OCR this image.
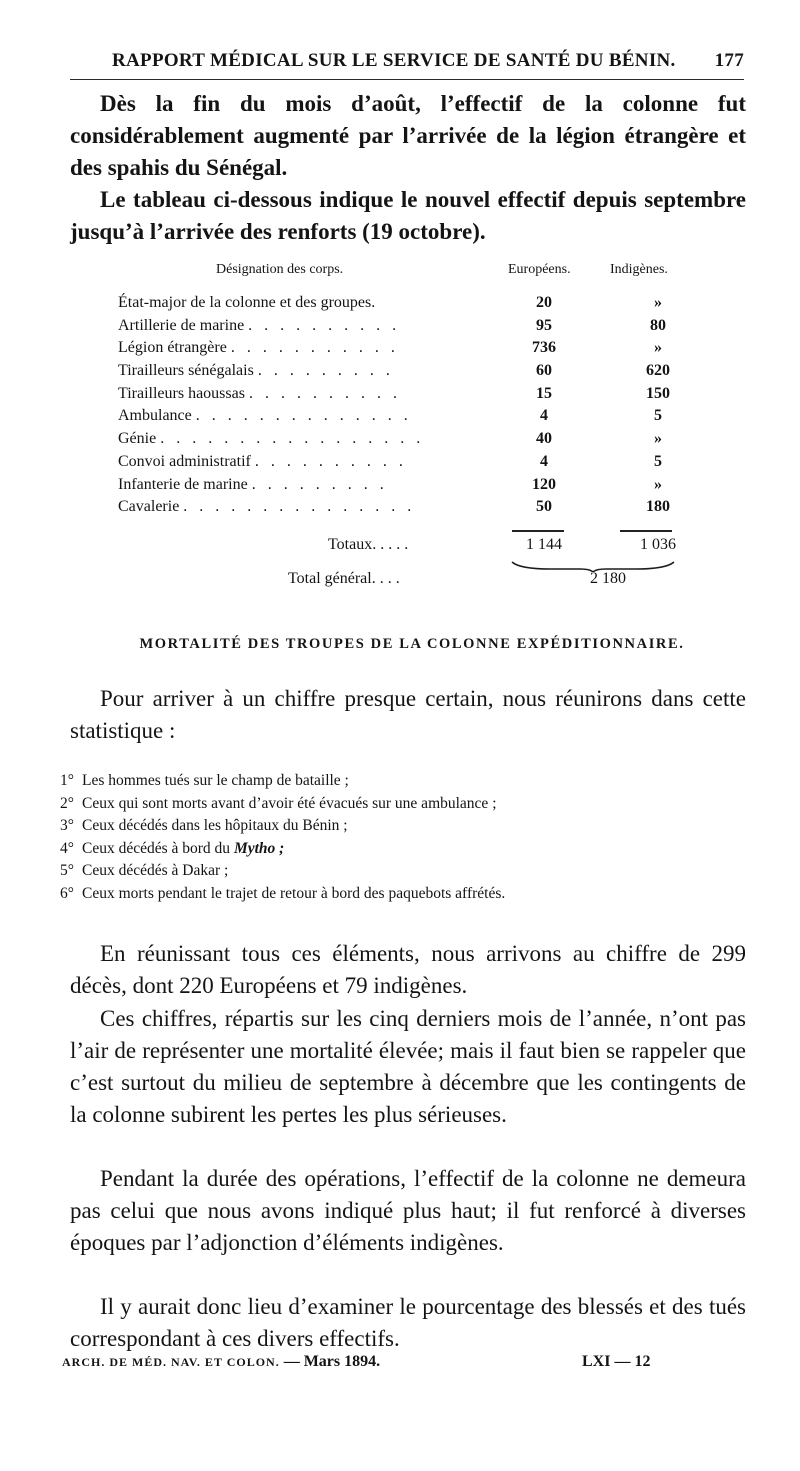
RAPPORT MÉDICAL SUR LE SERVICE DE SANTÉ DU BÉNIN. 177

Dès la fin du mois d’août, l’effectif de la colonne fut considérablement augmenté par l’arrivée de la légion étrangère et des spahis du Sénégal.

Le tableau ci-dessous indique le nouvel effectif depuis septembre jusqu’à l’arrivée des renforts (19 octobre).

Désignation des corps.	Européens.	Indigènes.
État-major de la colonne et des groupes.	20	»
Artillerie de marine . . . . . . . . . .	95	80
Légion étrangère . . . . . . . . . . .	736	»
Tirailleurs sénégalais . . . . . . . . .	60	620
Tirailleurs haoussas . . . . . . . . . .	15	150
Ambulance . . . . . . . . . . . . . .	4	5
Génie . . . . . . . . . . . . . . . . .	40	»
Convoi administratif . . . . . . . . . .	4	5
Infanterie de marine . . . . . . . . .	120	»
Cavalerie . . . . . . . . . . . . . . .	50	180
Totaux. . . . .	1 144	1 036
Total général. . . .	2 180
MORTALITÉ DES TROUPES DE LA COLONNE EXPÉDITIONNAIRE.

Pour arriver à un chiffre presque certain, nous réunirons dans cette statistique :

1° Les hommes tués sur le champ de bataille ;
2° Ceux qui sont morts avant d’avoir été évacués sur une ambulance ;
3° Ceux décédés dans les hôpitaux du Bénin ;
4° Ceux décédés à bord du Mytho ;
5° Ceux décédés à Dakar ;
6° Ceux morts pendant le trajet de retour à bord des paquebots affrétés.

En réunissant tous ces éléments, nous arrivons au chiffre de 299 décès, dont 220 Européens et 79 indigènes.

Ces chiffres, répartis sur les cinq derniers mois de l’année, n’ont pas l’air de représenter une mortalité élevée; mais il faut bien se rappeler que c’est surtout du milieu de septembre à décembre que les contingents de la colonne subirent les pertes les plus sérieuses.

Pendant la durée des opérations, l’effectif de la colonne ne demeura pas celui que nous avons indiqué plus haut; il fut renforcé à diverses époques par l’adjonction d’éléments indigènes.

Il y aurait donc lieu d’examiner le pourcentage des blessés et des tués correspondant à ces divers effectifs.

ARCH. DE MÉD. NAV. ET COLON. — Mars 1894.	LXI — 12
